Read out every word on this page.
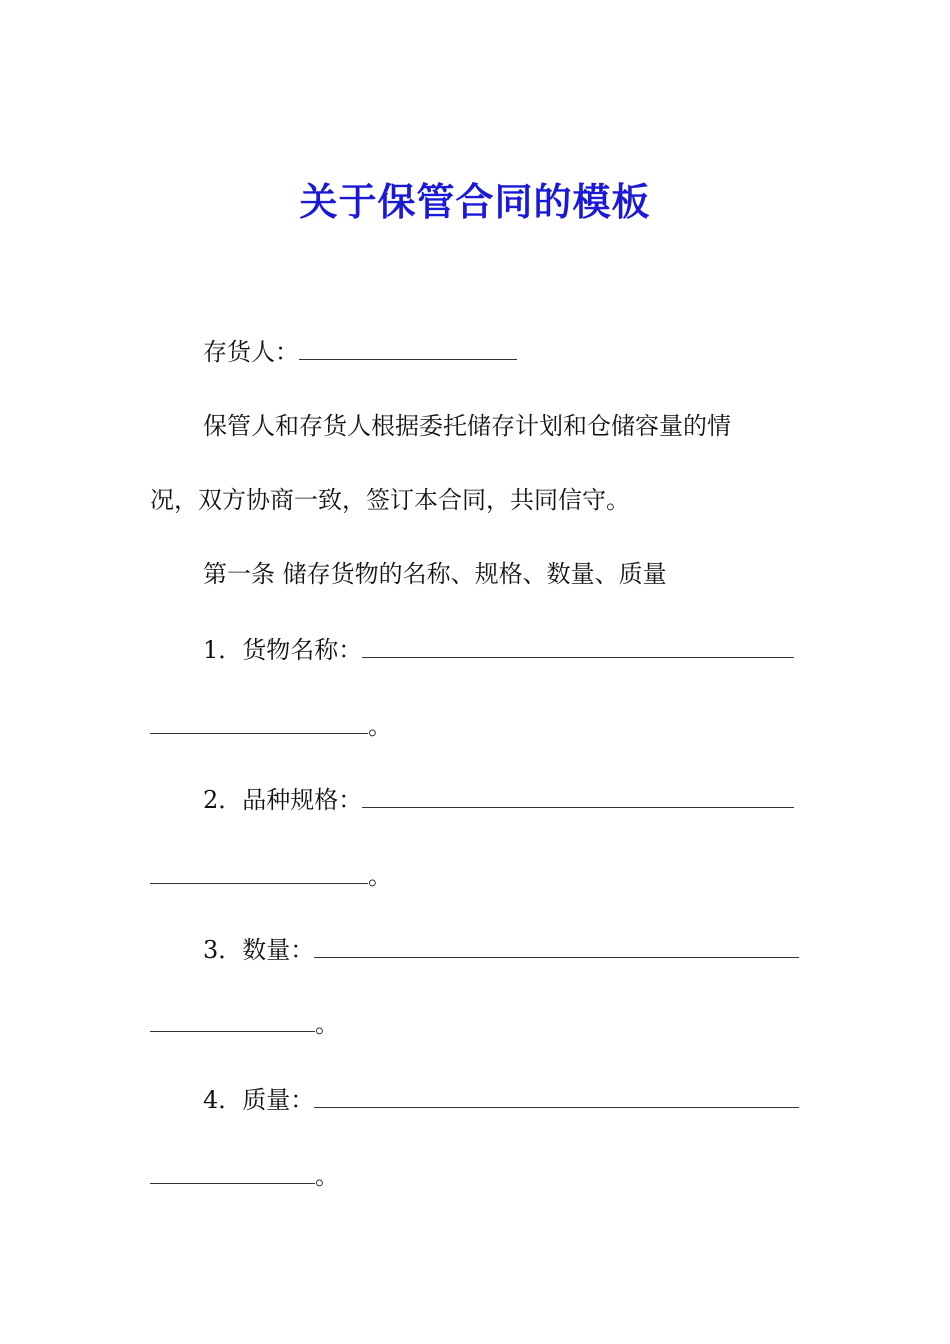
关于保管合同的模板
存货人：
保管人和存货人根据委托储存计划和仓储容量的情
况，双方协商一致，签订本合同，共同信守。
第一条 储存货物的名称、规格、数量、质量
1．货物名称：
。
2．品种规格：
。
3．数量：
。
4．质量：
。
